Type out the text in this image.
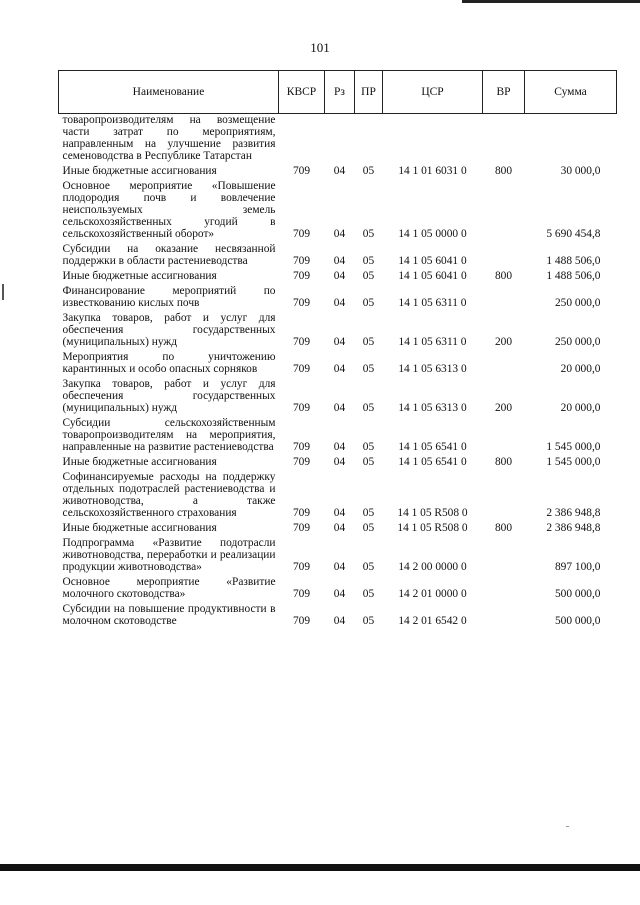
101
Наименование	КВСР	Рз	ПР	ЦСР	ВР	Сумма
товаропроизводителям на возмещение части затрат по мероприятиям, направленным на улучшение развития семеноводства в Республике Татарстан						
Иные бюджетные ассигнования	709	04	05	14 1 01 6031 0	800	30 000,0
Основное мероприятие «Повышение плодородия почв и вовлечение неиспользуемых земель сельскохозяйственных угодий в сельскохозяйственный оборот»	709	04	05	14 1 05 0000 0		5 690 454,8
Субсидии на оказание несвязанной поддержки в области растениеводства	709	04	05	14 1 05 6041 0		1 488 506,0
Иные бюджетные ассигнования	709	04	05	14 1 05 6041 0	800	1 488 506,0
Финансирование мероприятий по известкованию кислых почв	709	04	05	14 1 05 6311 0		250 000,0
Закупка товаров, работ и услуг для обеспечения государственных (муниципальных) нужд	709	04	05	14 1 05 6311 0	200	250 000,0
Мероприятия по уничтожению карантинных и особо опасных сорняков	709	04	05	14 1 05 6313 0		20 000,0
Закупка товаров, работ и услуг для обеспечения государственных (муниципальных) нужд	709	04	05	14 1 05 6313 0	200	20 000,0
Субсидии сельскохозяйственным товаропроизводителям на мероприятия, направленные на развитие растениеводства	709	04	05	14 1 05 6541 0		1 545 000,0
Иные бюджетные ассигнования	709	04	05	14 1 05 6541 0	800	1 545 000,0
Софинансируемые расходы на поддержку отдельных подотраслей растениеводства и животноводства, а также сельскохозяйственного страхования	709	04	05	14 1 05 R508 0		2 386 948,8
Иные бюджетные ассигнования	709	04	05	14 1 05 R508 0	800	2 386 948,8
Подпрограмма «Развитие подотрасли животноводства, переработки и реализации продукции животноводства»	709	04	05	14 2 00 0000 0		897 100,0
Основное мероприятие «Развитие молочного скотоводства»	709	04	05	14 2 01 0000 0		500 000,0
Субсидии на повышение продуктивности в молочном скотоводстве	709	04	05	14 2 01 6542 0		500 000,0
